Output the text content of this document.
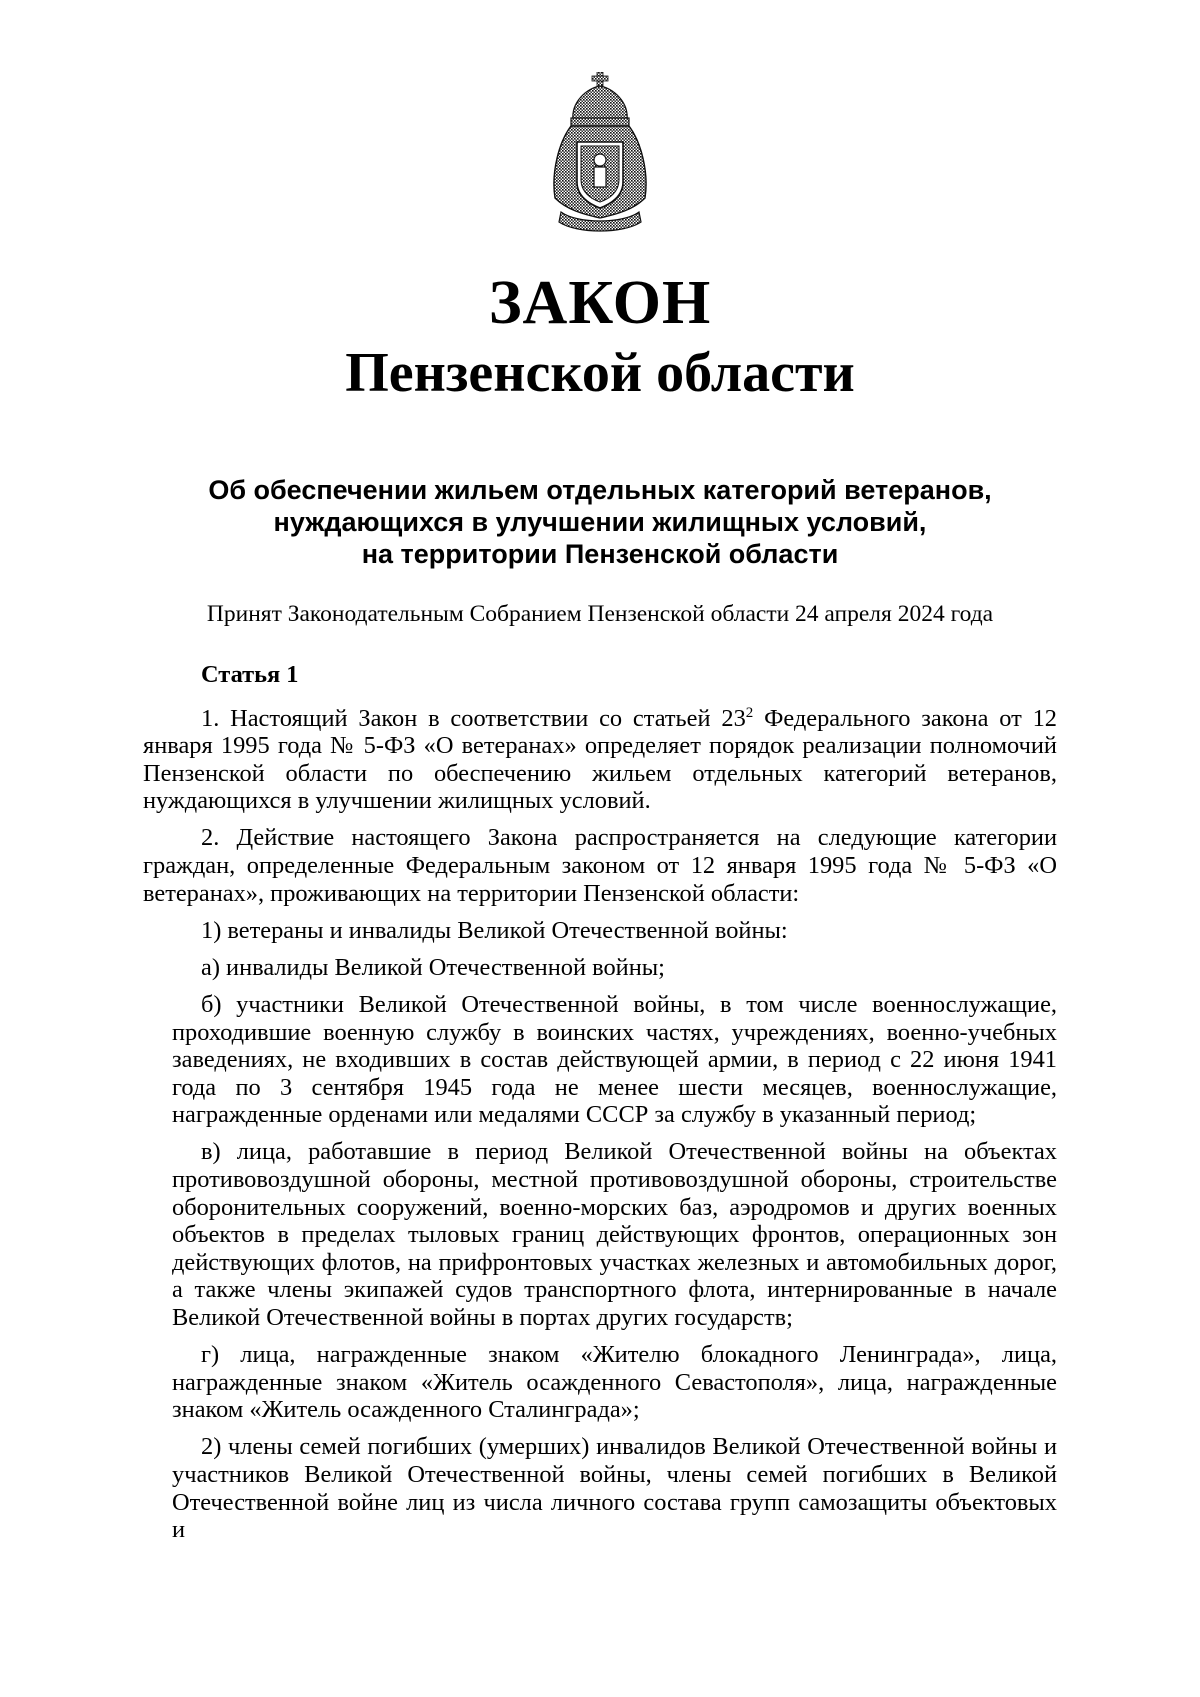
ЗАКОН
Пензенской области
Об обеспечении жильем отдельных категорий ветеранов,
нуждающихся в улучшении жилищных условий,
на территории Пензенской области
Принят Законодательным Собранием Пензенской области 24 апреля 2024 года
Статья 1

1. Настоящий Закон в соответствии со статьей $23^2$ Федерального закона от 12 января 1995 года № 5-ФЗ «О ветеранах» определяет порядок реализации полномочий Пензенской области по обеспечению жильем отдельных категорий ветеранов, нуждающихся в улучшении жилищных условий.

2. Действие настоящего Закона распространяется на следующие категории граждан, определенные Федеральным законом от 12 января 1995 года № 5-ФЗ «О ветеранах», проживающих на территории Пензенской области:

1) ветераны и инвалиды Великой Отечественной войны:

а) инвалиды Великой Отечественной войны;

б) участники Великой Отечественной войны, в том числе военнослужащие, проходившие военную службу в воинских частях, учреждениях, военно-учебных заведениях, не входивших в состав действующей армии, в период с 22 июня 1941 года по 3 сентября 1945 года не менее шести месяцев, военнослужащие, награжденные орденами или медалями СССР за службу в указанный период;

в) лица, работавшие в период Великой Отечественной войны на объектах противовоздушной обороны, местной противовоздушной обороны, строительстве оборонительных сооружений, военно-морских баз, аэродромов и других военных объектов в пределах тыловых границ действующих фронтов, операционных зон действующих флотов, на прифронтовых участках железных и автомобильных дорог, а также члены экипажей судов транспортного флота, интернированные в начале Великой Отечественной войны в портах других государств;

г) лица, награжденные знаком «Жителю блокадного Ленинграда», лица, награжденные знаком «Житель осажденного Севастополя», лица, награжденные знаком «Житель осажденного Сталинграда»;

2) члены семей погибших (умерших) инвалидов Великой Отечественной войны и участников Великой Отечественной войны, члены семей погибших в Великой Отечественной войне лиц из числа личного состава групп самозащиты объектовых и
